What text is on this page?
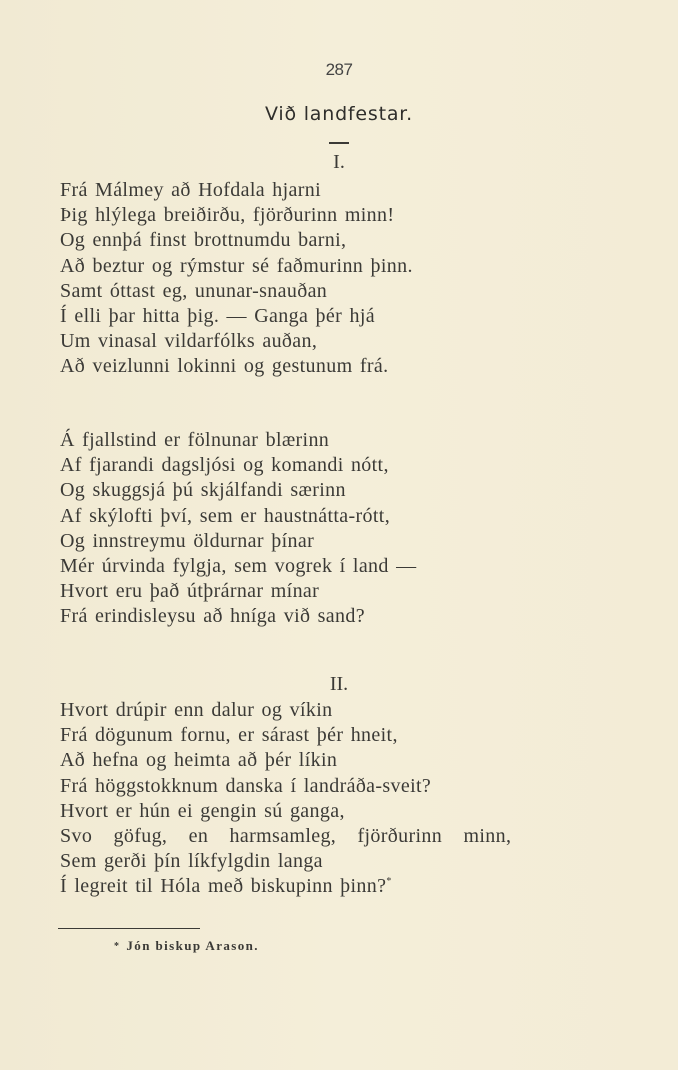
287
Við landfestar.
I.
Frá Málmey að Hofdala hjarni
Þig hlýlega breiðirðu, fjörðurinn minn!
Og ennþá finst brottnumdu barni,
Að beztur og rýmstur sé faðmurinn þinn.
Samt óttast eg, ununar-snauðan
Í elli þar hitta þig. — Ganga þér hjá
Um vinasal vildarfólks auðan,
Að veizlunni lokinni og gestunum frá.
Á fjallstind er fölnunar blærinn
Af fjarandi dagsljósi og komandi nótt,
Og skuggsjá þú skjálfandi særinn
Af skýlofti því, sem er haustnátta-rótt,
Og innstreymu öldurnar þínar
Mér úrvinda fylgja, sem vogrek í land —
Hvort eru það útþrárnar mínar
Frá erindisleysu að hníga við sand?
II.
Hvort drúpir enn dalur og víkin
Frá dögunum fornu, er sárast þér hneit,
Að hefna og heimta að þér líkin
Frá höggstokknum danska í landráða-sveit?
Hvort er hún ei gengin sú ganga,
Svo göfug, en harmsamleg, fjörðurinn minn,
Sem gerði þín líkfylgdin langa
Í legreit til Hóla með biskupinn þinn?*
* Jón biskup Arason.
